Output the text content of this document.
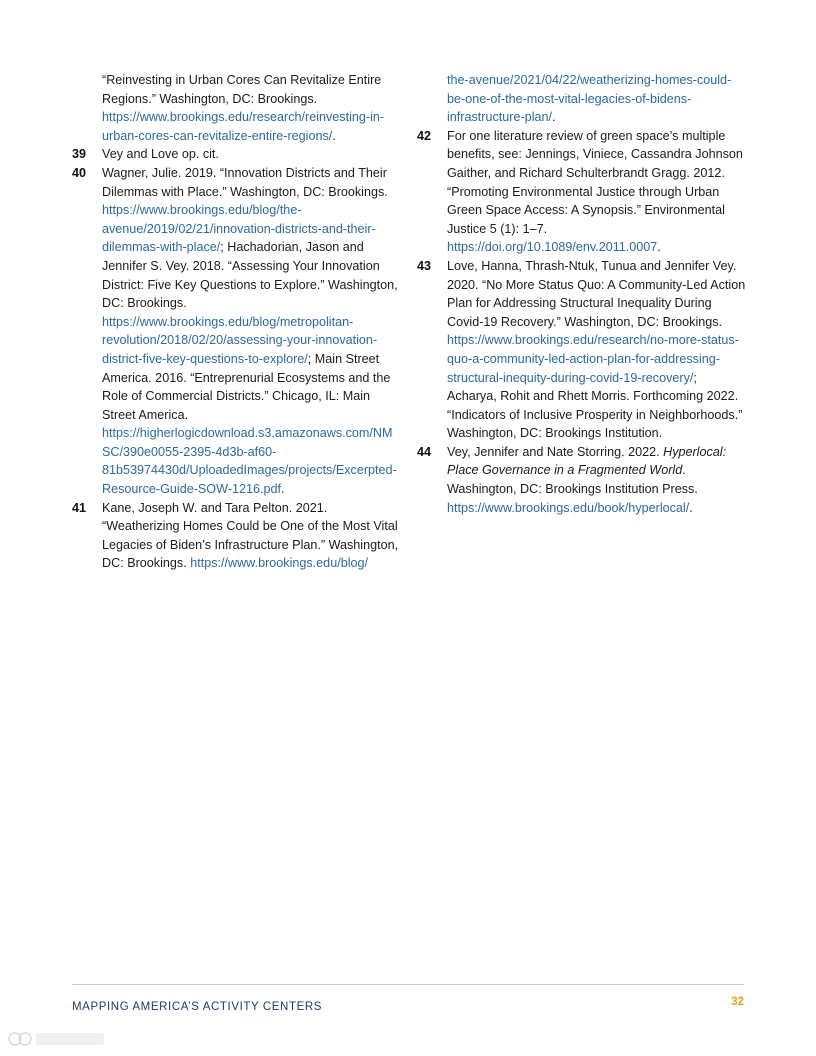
“Reinvesting in Urban Cores Can Revitalize Entire Regions.” Washington, DC: Brookings. https://www.brookings.edu/research/reinvesting-in-urban-cores-can-revitalize-entire-regions/.
39	Vey and Love op. cit.
40	Wagner, Julie. 2019. “Innovation Districts and Their Dilemmas with Place.” Washington, DC: Brookings. https://www.brookings.edu/blog/the-avenue/2019/02/21/innovation-districts-and-their-dilemmas-with-place/; Hachadorian, Jason and Jennifer S. Vey. 2018. “Assessing Your Innovation District: Five Key Questions to Explore.” Washington, DC: Brookings. https://www.brookings.edu/blog/metropolitan-revolution/2018/02/20/assessing-your-innovation-district-five-key-questions-to-explore/; Main Street America. 2016. “Entreprenurial Ecosystems and the Role of Commercial Districts.” Chicago, IL: Main Street America. https://higherlogicdownload.s3.amazonaws.com/NMSC/390e0055-2395-4d3b-af60-81b53974430d/UploadedImages/projects/Excerpted-Resource-Guide-SOW-1216.pdf.
41	Kane, Joseph W. and Tara Pelton. 2021. “Weatherizing Homes Could be One of the Most Vital Legacies of Biden’s Infrastructure Plan.” Washington, DC: Brookings. https://www.brookings.edu/blog/
the-avenue/2021/04/22/weatherizing-homes-could-be-one-of-the-most-vital-legacies-of-bidens-infrastructure-plan/.
42	For one literature review of green space’s multiple benefits, see: Jennings, Viniece, Cassandra Johnson Gaither, and Richard Schulterbrandt Gragg. 2012. “Promoting Environmental Justice through Urban Green Space Access: A Synopsis.” Environmental Justice 5 (1): 1–7. https://doi.org/10.1089/env.2011.0007.
43	Love, Hanna, Thrash-Ntuk, Tunua and Jennifer Vey. 2020. “No More Status Quo: A Community-Led Action Plan for Addressing Structural Inequality During Covid-19 Recovery.” Washington, DC: Brookings. https://www.brookings.edu/research/no-more-status-quo-a-community-led-action-plan-for-addressing-structural-inequity-during-covid-19-recovery/; Acharya, Rohit and Rhett Morris. Forthcoming 2022. “Indicators of Inclusive Prosperity in Neighborhoods.” Washington, DC: Brookings Institution.
44	Vey, Jennifer and Nate Storring. 2022. Hyperlocal: Place Governance in a Fragmented World. Washington, DC: Brookings Institution Press. https://www.brookings.edu/book/hyperlocal/.
MAPPING AMERICA’S ACTIVITY CENTERS	32
